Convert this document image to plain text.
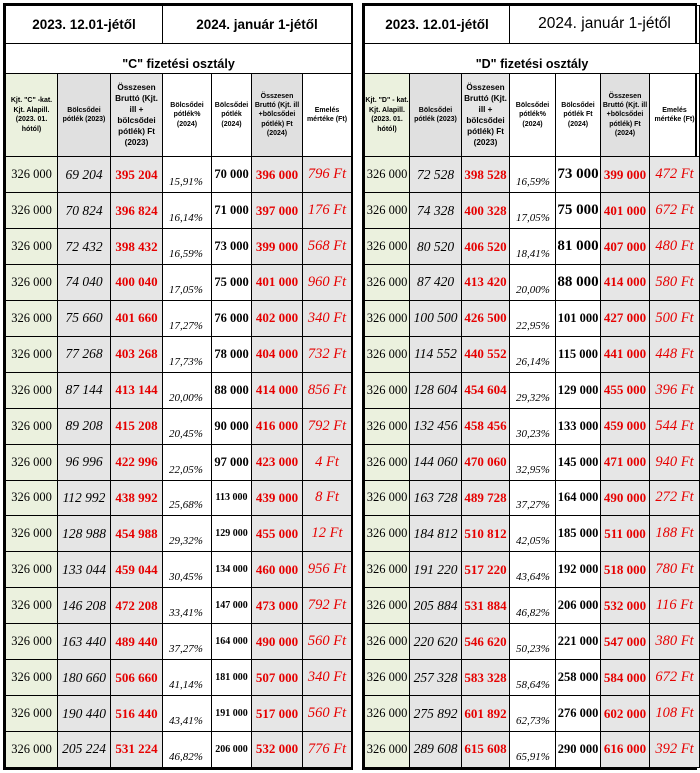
2023. 12.01-jétől			2024. január 1-jétől			
"C" fizetési osztály						
Kjt. "C" -kat. Kjt. Alapill. (2023. 01. hótól)	Bölcsődei pótlék (2023)	Összesen Bruttó (Kjt. ill + bölcsődei pótlék) Ft (2023)	Bölcsődei pótlék% (2024)	Bölcsődei pótlék (2024)	Összesen Bruttó (Kjt. ill +bölcsődei pótlék) Ft (2024)	Emelés mértéke (Ft)
326 000	69 204	395 204	15,91%	70 000	396 000	796 Ft
326 000	70 824	396 824	16,14%	71 000	397 000	176 Ft
326 000	72 432	398 432	16,59%	73 000	399 000	568 Ft
326 000	74 040	400 040	17,05%	75 000	401 000	960 Ft
326 000	75 660	401 660	17,27%	76 000	402 000	340 Ft
326 000	77 268	403 268	17,73%	78 000	404 000	732 Ft
326 000	87 144	413 144	20,00%	88 000	414 000	856 Ft
326 000	89 208	415 208	20,45%	90 000	416 000	792 Ft
326 000	96 996	422 996	22,05%	97 000	423 000	4 Ft
326 000	112 992	438 992	25,68%	113 000	439 000	8 Ft
326 000	128 988	454 988	29,32%	129 000	455 000	12 Ft
326 000	133 044	459 044	30,45%	134 000	460 000	956 Ft
326 000	146 208	472 208	33,41%	147 000	473 000	792 Ft
326 000	163 440	489 440	37,27%	164 000	490 000	560 Ft
326 000	180 660	506 660	41,14%	181 000	507 000	340 Ft
326 000	190 440	516 440	43,41%	191 000	517 000	560 Ft
326 000	205 224	531 224	46,82%	206 000	532 000	776 Ft
2023. 12.01-jétől			2024. január 1-jétől			
"D" fizetési osztály						
Kjt. "D" - kat. Kjt. Alapill. (2023. 01. hótól)	Bölcsődei pótlék (2023)	Összesen Bruttó (Kjt. ill + bölcsődei pótlék) Ft (2023)	Bölcsődei pótlék% (2024)	Bölcsődei pótlék Ft (2024)	Összesen Bruttó (Kjt. ill +bölcsődei pótlék) Ft (2024)	Emelés mértéke (Ft)
326 000	72 528	398 528	16,59%	73 000	399 000	472 Ft
326 000	74 328	400 328	17,05%	75 000	401 000	672 Ft
326 000	80 520	406 520	18,41%	81 000	407 000	480 Ft
326 000	87 420	413 420	20,00%	88 000	414 000	580 Ft
326 000	100 500	426 500	22,95%	101 000	427 000	500 Ft
326 000	114 552	440 552	26,14%	115 000	441 000	448 Ft
326 000	128 604	454 604	29,32%	129 000	455 000	396 Ft
326 000	132 456	458 456	30,23%	133 000	459 000	544 Ft
326 000	144 060	470 060	32,95%	145 000	471 000	940 Ft
326 000	163 728	489 728	37,27%	164 000	490 000	272 Ft
326 000	184 812	510 812	42,05%	185 000	511 000	188 Ft
326 000	191 220	517 220	43,64%	192 000	518 000	780 Ft
326 000	205 884	531 884	46,82%	206 000	532 000	116 Ft
326 000	220 620	546 620	50,23%	221 000	547 000	380 Ft
326 000	257 328	583 328	58,64%	258 000	584 000	672 Ft
326 000	275 892	601 892	62,73%	276 000	602 000	108 Ft
326 000	289 608	615 608	65,91%	290 000	616 000	392 Ft
